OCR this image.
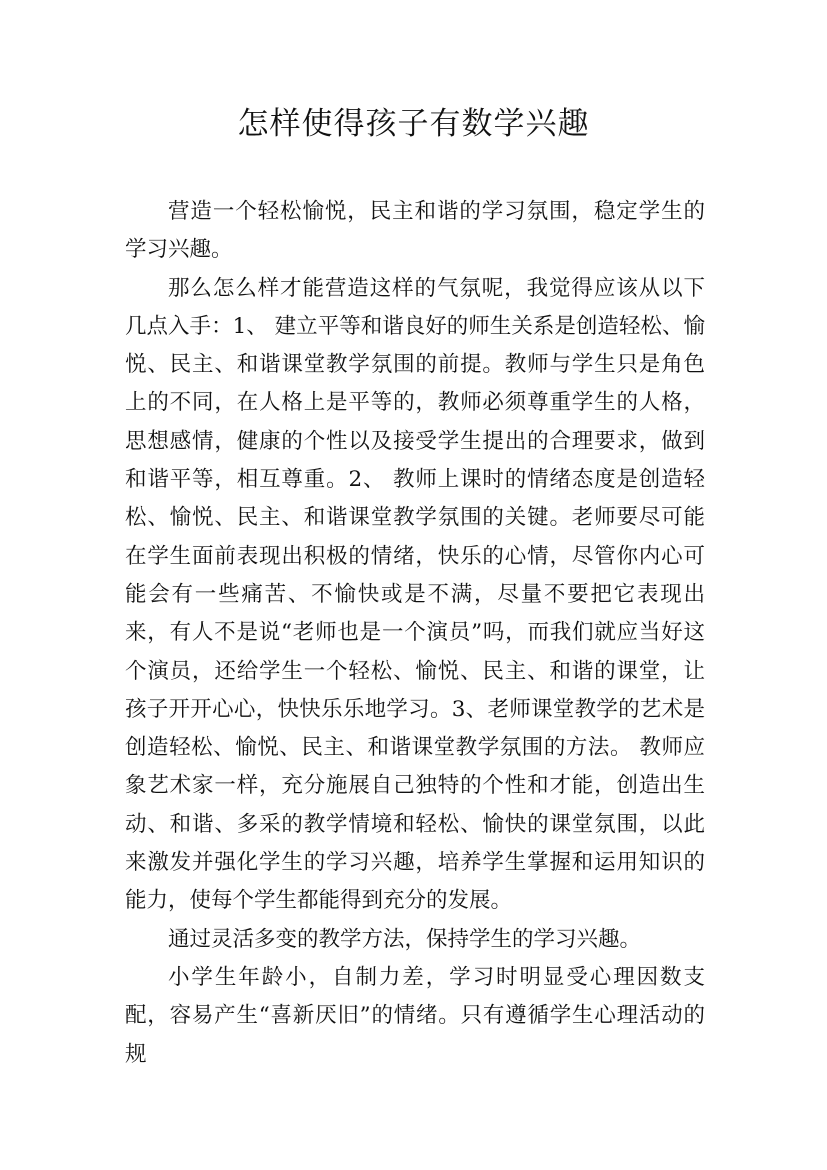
怎样使得孩子有数学兴趣

营造一个轻松愉悦，民主和谐的学习氛围，稳定学生的学习兴趣。

那么怎么样才能营造这样的气氛呢，我觉得应该从以下几点入手：1、 建立平等和谐良好的师生关系是创造轻松、愉悦、民主、和谐课堂教学氛围的前提。教师与学生只是角色上的不同，在人格上是平等的，教师必须尊重学生的人格，思想感情，健康的个性以及接受学生提出的合理要求，做到和谐平等，相互尊重。2、 教师上课时的情绪态度是创造轻松、愉悦、民主、和谐课堂教学氛围的关键。老师要尽可能在学生面前表现出积极的情绪，快乐的心情，尽管你内心可能会有一些痛苦、不愉快或是不满，尽量不要把它表现出来，有人不是说“老师也是一个演员”吗，而我们就应当好这个演员，还给学生一个轻松、愉悦、民主、和谐的课堂，让孩子开开心心，快快乐乐地学习。3、老师课堂教学的艺术是创造轻松、愉悦、民主、和谐课堂教学氛围的方法。 教师应象艺术家一样，充分施展自己独特的个性和才能，创造出生动、和谐、多采的教学情境和轻松、愉快的课堂氛围，以此来激发并强化学生的学习兴趣，培养学生掌握和运用知识的能力，使每个学生都能得到充分的发展。

通过灵活多变的教学方法，保持学生的学习兴趣。

小学生年龄小，自制力差，学习时明显受心理因数支配，容易产生“喜新厌旧”的情绪。只有遵循学生心理活动的规
